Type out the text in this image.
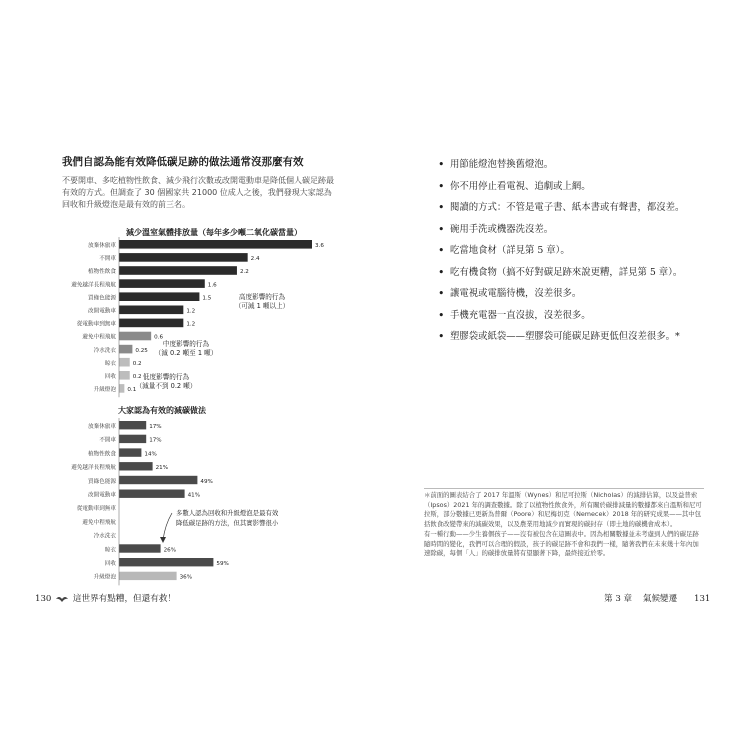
我們自認為能有效降低碳足跡的做法通常沒那麼有效
不要開車、多吃植物性飲食、減少飛行次數或改開電動車是降低個人碳足跡最有效的方式。但調查了 30 個國家共 21000 位成人之後，我們發現大家認為回收和升級燈泡是最有效的前三名。
減少溫室氣體排放量（每年多少噸二氧化碳當量）
大家認為有效的減碳做法
放棄休旅車	3.6
不開車	2.4
植物性飲食	2.2
避免越洋長程飛航	1.6
買綠色能源	1.5
改開電動車	1.2
從電動車到無車	1.2
避免中程飛航	0.6
冷水洗衣	0.25
晾衣	0.2
回收	0.2
升級燈泡 0.1
高度影響的行為
（可減 1 噸以上）
中度影響的行為
（減 0.2 噸至 1 噸）
低度影響的行為
（減量不到 0.2 噸）
放棄休旅車	17%
不開車	17%
植物性飲食	14%
避免越洋長程飛航	21%
買綠色能源	49%
改開電動車	41%
從電動車到無車
避免中程飛航
冷水洗衣
晾衣	26%
回收	59%
升級燈泡	36%
多數人認為回收和升級燈泡是最有效
降低碳足跡的方法，但其實影響很小
• 用節能燈泡替換舊燈泡。
• 你不用停止看電視、追劇或上網。
• 閱讀的方式：不管是電子書、紙本書或有聲書，都沒差。
• 碗用手洗或機器洗沒差。
• 吃當地食材（詳見第 5 章）。
• 吃有機食物（搞不好對碳足跡來說更糟，詳見第 5 章）。
• 讓電視或電腦待機，沒差很多。
• 手機充電器一直沒拔，沒差很多。
• 塑膠袋或紙袋——塑膠袋可能碳足跡更低但沒差很多。*

＊前面的圖表結合了 2017 年溫斯（Wynes）和尼可拉斯（Nicholas）的減排估算，以及益普索（Ipsos）2021 年的調查數據。除了以植物性飲食外，所有關於碳排減量的數據都來自溫斯和尼可拉斯，部分數據已更新為普爾（Poore）和尼梅切克（Nemecek）2018 年的研究成果——其中包括飲食改變帶來的減碳效果，以及農業用地減少而實現的碳封存（即土地的碳機會成本）。

有一種行動——少生養個孩子——沒有被包含在這圖表中。因為相關數據並未考慮到人們的碳足跡隨時間的變化，我們可以合理的假設，孩子的碳足跡不會和我們一樣，隨著我們在未來幾十年內加速除碳，每個「人」的碳排放量將有望顯著下降，最終接近於零。

130 這世界有點糟，但還有救！	第 3 章 氣候變遷 131
